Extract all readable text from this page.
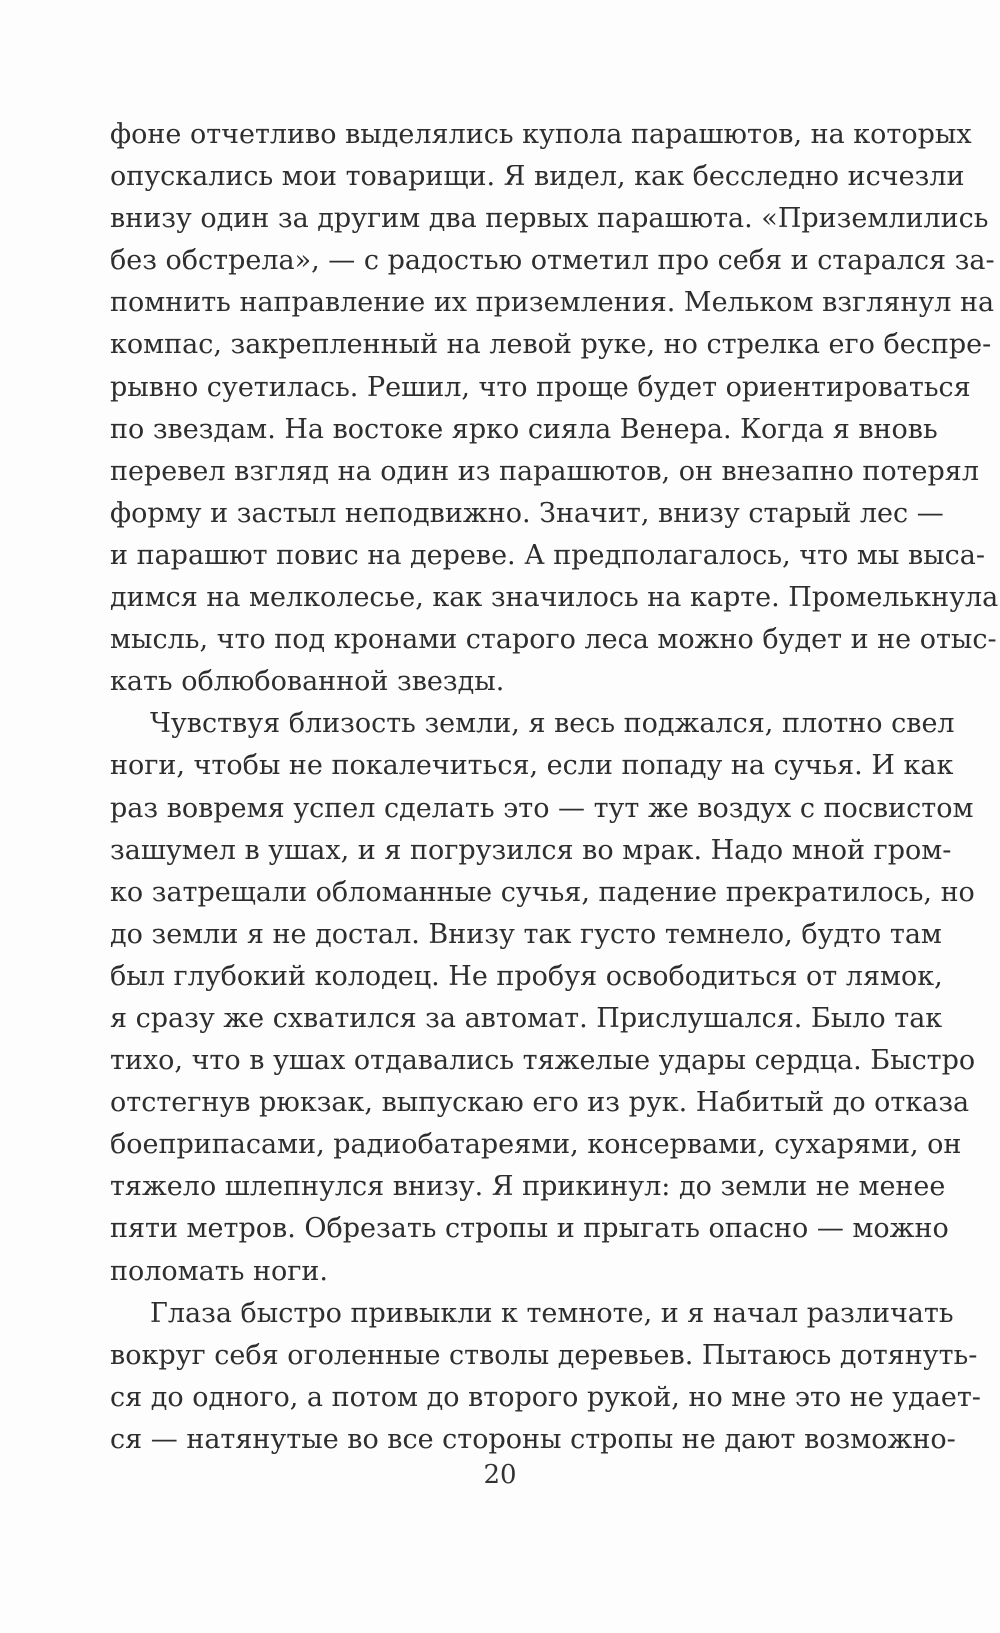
фоне отчетливо выделялись купола парашютов, на которых
опускались мои товарищи. Я видел, как бесследно исчезли
внизу один за другим два первых парашюта. «Приземлились
без обстрела», — с радостью отметил про себя и старался за-
помнить направление их приземления. Мельком взглянул на
компас, закрепленный на левой руке, но стрелка его беспре-
рывно суетилась. Решил, что проще будет ориентироваться
по звездам. На востоке ярко сияла Венера. Когда я вновь
перевел взгляд на один из парашютов, он внезапно потерял
форму и застыл неподвижно. Значит, внизу старый лес —
и парашют повис на дереве. А предполагалось, что мы выса-
димся на мелколесье, как значилось на карте. Промелькнула
мысль, что под кронами старого леса можно будет и не отыс-
кать облюбованной звезды.
Чувствуя близость земли, я весь поджался, плотно свел
ноги, чтобы не покалечиться, если попаду на сучья. И как
раз вовремя успел сделать это — тут же воздух с посвистом
зашумел в ушах, и я погрузился во мрак. Надо мной гром-
ко затрещали обломанные сучья, падение прекратилось, но
до земли я не достал. Внизу так густо темнело, будто там
был глубокий колодец. Не пробуя освободиться от лямок,
я сразу же схватился за автомат. Прислушался. Было так
тихо, что в ушах отдавались тяжелые удары сердца. Быстро
отстегнув рюкзак, выпускаю его из рук. Набитый до отказа
боеприпасами, радиобатареями, консервами, сухарями, он
тяжело шлепнулся внизу. Я прикинул: до земли не менее
пяти метров. Обрезать стропы и прыгать опасно — можно
поломать ноги.
Глаза быстро привыкли к темноте, и я начал различать
вокруг себя оголенные стволы деревьев. Пытаюсь дотянуть-
ся до одного, а потом до второго рукой, но мне это не удает-
ся — натянутые во все стороны стропы не дают возможно-
20
